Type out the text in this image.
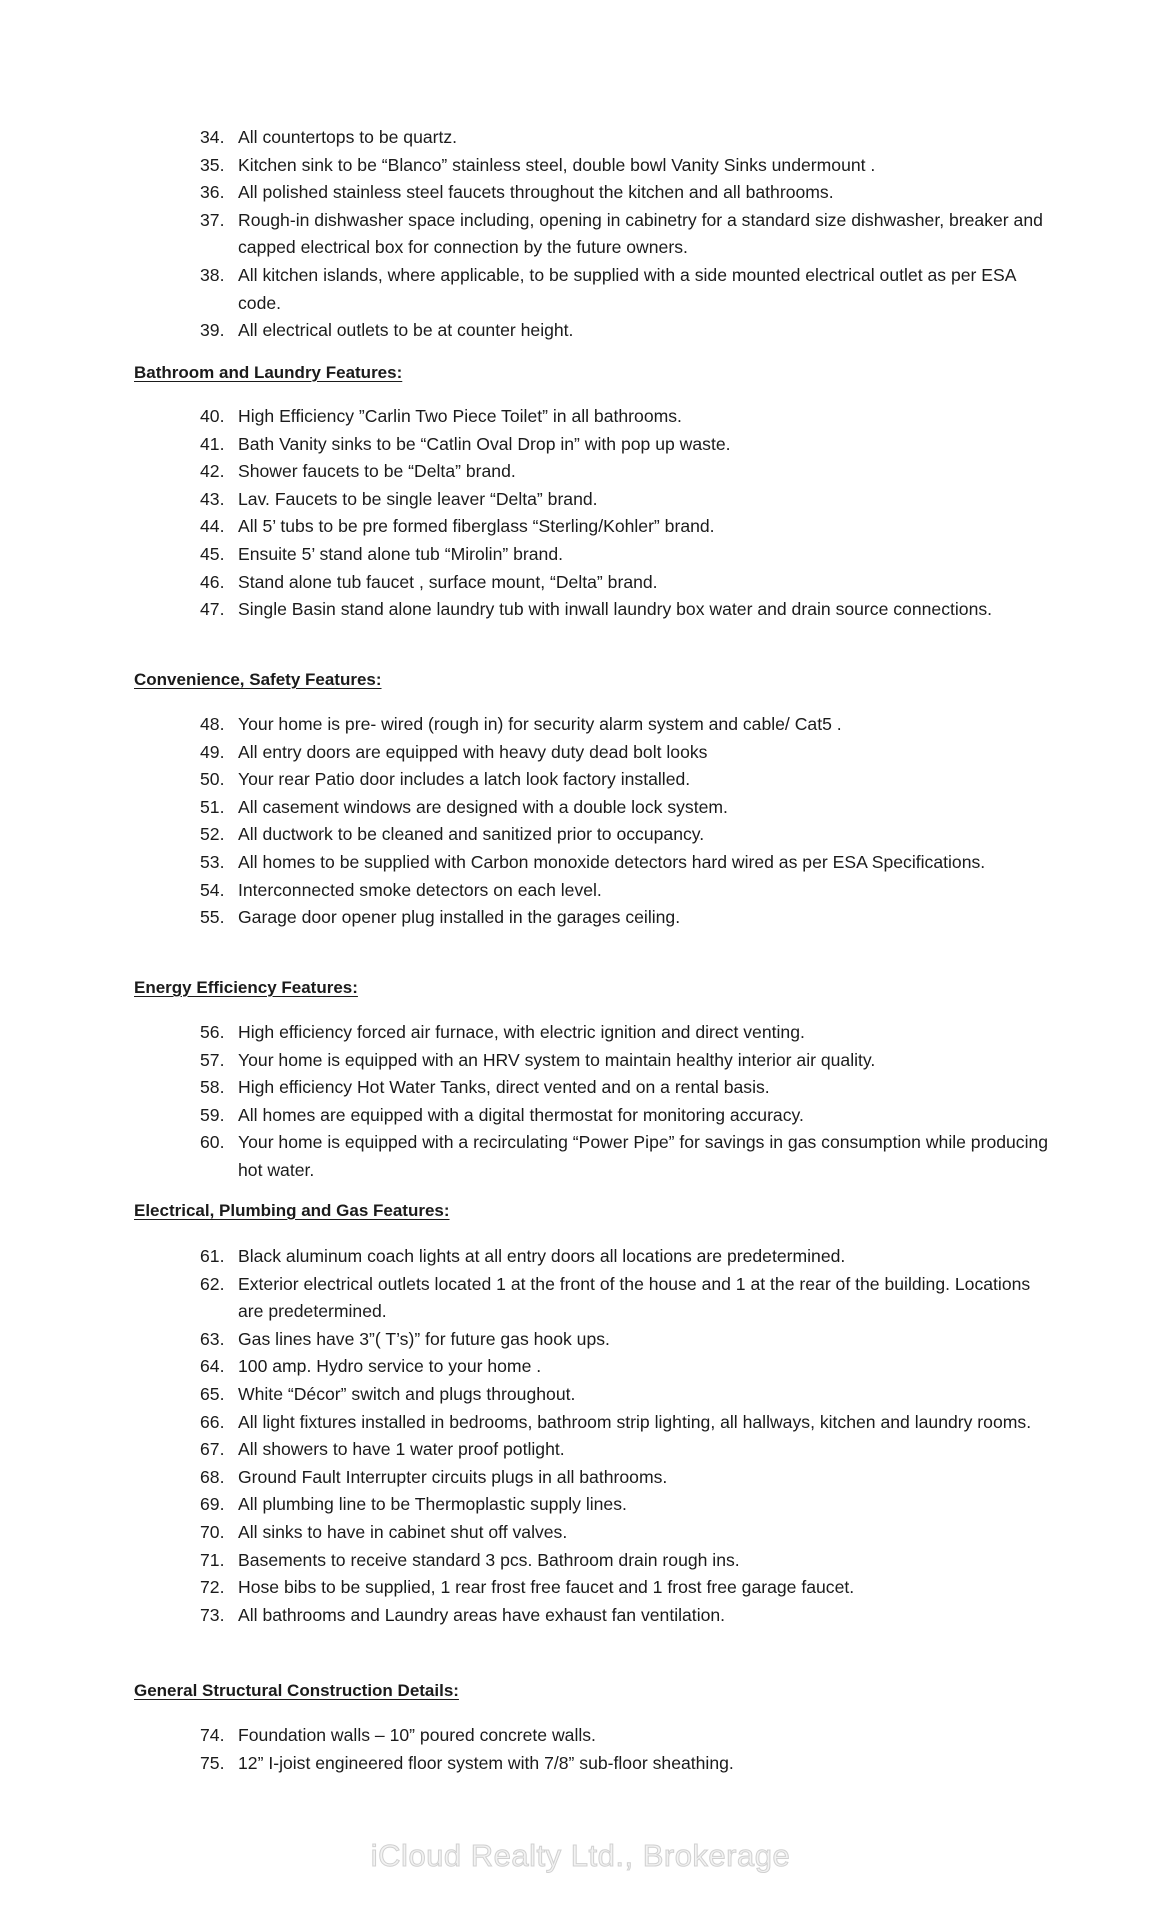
34. All countertops to be quartz.
35. Kitchen sink to be “Blanco” stainless steel, double bowl Vanity Sinks undermount .
36. All polished stainless steel faucets throughout the kitchen and all bathrooms.
37. Rough-in dishwasher space including, opening in cabinetry for a standard size dishwasher, breaker and capped electrical box for connection by the future owners.
38. All kitchen islands, where applicable, to be supplied with a side mounted electrical outlet as per ESA code.
39. All electrical outlets to be at counter height.
Bathroom and Laundry Features:
40. High Efficiency ”Carlin Two Piece Toilet” in all bathrooms.
41. Bath Vanity sinks to be “Catlin Oval Drop in” with pop up waste.
42. Shower faucets to be “Delta” brand.
43. Lav. Faucets to be single leaver “Delta” brand.
44. All 5’ tubs to be pre formed fiberglass “Sterling/Kohler” brand.
45. Ensuite 5’ stand alone tub “Mirolin” brand.
46. Stand alone tub faucet , surface mount, “Delta” brand.
47. Single Basin stand alone laundry tub with inwall laundry box water and drain source connections.
Convenience, Safety Features:
48. Your home is pre- wired (rough in) for security alarm system and cable/ Cat5 .
49. All entry doors are equipped with heavy duty dead bolt looks
50. Your rear Patio door includes a latch look factory installed.
51. All casement windows are designed with a double lock system.
52. All ductwork to be cleaned and sanitized prior to occupancy.
53. All homes to be supplied with Carbon monoxide detectors hard wired as per ESA Specifications.
54. Interconnected smoke detectors on each level.
55. Garage door opener plug installed in the garages ceiling.
Energy Efficiency Features:
56. High efficiency forced air furnace, with electric ignition and direct venting.
57. Your home is equipped with an HRV system to maintain healthy interior air quality.
58. High efficiency Hot Water Tanks, direct vented and on a rental basis.
59. All homes are equipped with a digital thermostat for monitoring accuracy.
60. Your home is equipped with a recirculating “Power Pipe” for savings in gas consumption while producing hot water.
Electrical, Plumbing and Gas Features:
61. Black aluminum coach lights at all entry doors all locations are predetermined.
62. Exterior electrical outlets located 1 at the front of the house and 1 at the rear of the building. Locations are predetermined.
63. Gas lines have 3”( T’s)” for future gas hook ups.
64. 100 amp. Hydro service to your home .
65. White “Décor” switch and plugs throughout.
66. All light fixtures installed in bedrooms, bathroom strip lighting, all hallways, kitchen and laundry rooms.
67. All showers to have 1 water proof potlight.
68. Ground Fault Interrupter circuits plugs in all bathrooms.
69. All plumbing line to be Thermoplastic supply lines.
70. All sinks to have in cabinet shut off valves.
71. Basements to receive standard 3 pcs. Bathroom drain rough ins.
72. Hose bibs to be supplied, 1 rear frost free faucet and 1 frost free garage faucet.
73. All bathrooms and Laundry areas have exhaust fan ventilation.
General Structural Construction Details:
74. Foundation walls – 10” poured concrete walls.
75. 12” I-joist engineered floor system with 7/8” sub-floor sheathing.
iCloud Realty Ltd., Brokerage
